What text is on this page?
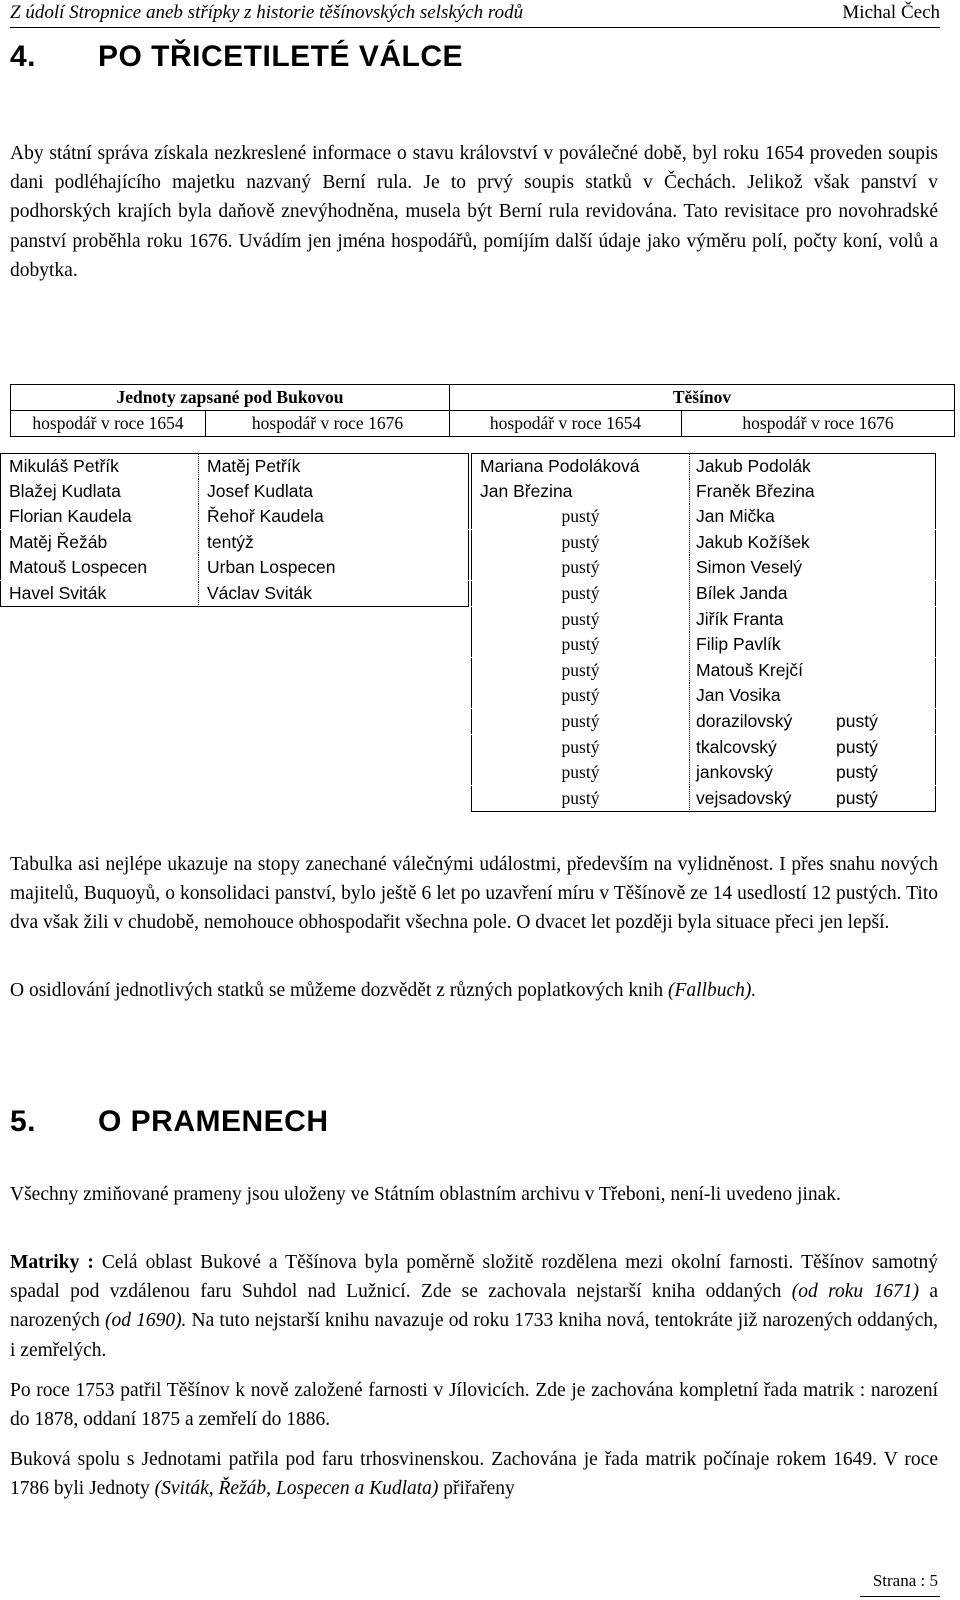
Z údolí Stropnice aneb střípky z historie těšínovských selských rodů	Michal Čech
4. PO TŘICETILETÉ VÁLCE
Aby státní správa získala nezkreslené informace o stavu království v poválečné době, byl roku 1654 proveden soupis dani podléhajícího majetku nazvaný Berní rula. Je to prvý soupis statků v Čechách. Jelikož však panství v podhorských krajích byla daňově znevýhodněna, musela být Berní rula revidována. Tato revisitace pro novohradské panství proběhla roku 1676. Uvádím jen jména hospodářů, pomíjím další údaje jako výměru polí, počty koní, volů a dobytka.
Jednoty zapsané pod Bukovou		Těšínov	
hospodář v roce 1654	hospodář v roce 1676	hospodář v roce 1654	hospodář v roce 1676
Mikuláš Petřík	Matěj Petřík
Blažej Kudlata	Josef Kudlata
Florian Kaudela	Řehoř Kaudela
Matěj Řežáb	tentýž
Matouš Lospecen	Urban Lospecen
Havel Sviták	Václav Sviták
Mariana Podoláková	Jakub Podolák
Jan Březina	Franěk Březina
pustý	Jan Mička
pustý	Jakub Kožíšek
pustý	Simon Veselý
pustý	Bílek Janda
pustý	Jiřík Franta
pustý	Filip Pavlík
pustý	Matouš Krejčí
pustý	Jan Vosika
pustý	dorazilovský pustý
pustý	tkalcovský	pustý
pustý	jankovský	pustý
pustý	vejsadovský	pustý
Tabulka asi nejlépe ukazuje na stopy zanechané válečnými událostmi, především na vylidněnost. I přes snahu nových majitelů, Buquoyů, o konsolidaci panství, bylo ještě 6 let po uzavření míru v Těšínově ze 14 usedlostí 12 pustých. Tito dva však žili v chudobě, nemohouce obhospodařit všechna pole. O dvacet let později byla situace přeci jen lepší.
O osidlování jednotlivých statků se můžeme dozvědět z různých poplatkových knih (Fallbuch).
5. O PRAMENECH
Všechny zmiňované prameny jsou uloženy ve Státním oblastním archivu v Třeboni, není-li uvedeno jinak.
Matriky : Celá oblast Bukové a Těšínova byla poměrně složitě rozdělena mezi okolní farnosti. Těšínov samotný spadal pod vzdálenou faru Suhdol nad Lužnicí. Zde se zachovala nejstarší kniha oddaných (od roku 1671) a narozených (od 1690). Na tuto nejstarší knihu navazuje od roku 1733 kniha nová, tentokráte již narozených oddaných, i zemřelých.
Po roce 1753 patřil Těšínov k nově založené farnosti v Jílovicích. Zde je zachována kompletní řada matrik : narození do 1878, oddaní 1875 a zemřelí do 1886.
Buková spolu s Jednotami patřila pod faru trhosvinenskou. Zachována je řada matrik počínaje rokem 1649. V roce 1786 byli Jednoty (Sviták, Řežáb, Lospecen a Kudlata) přiřařeny
Strana : 5
